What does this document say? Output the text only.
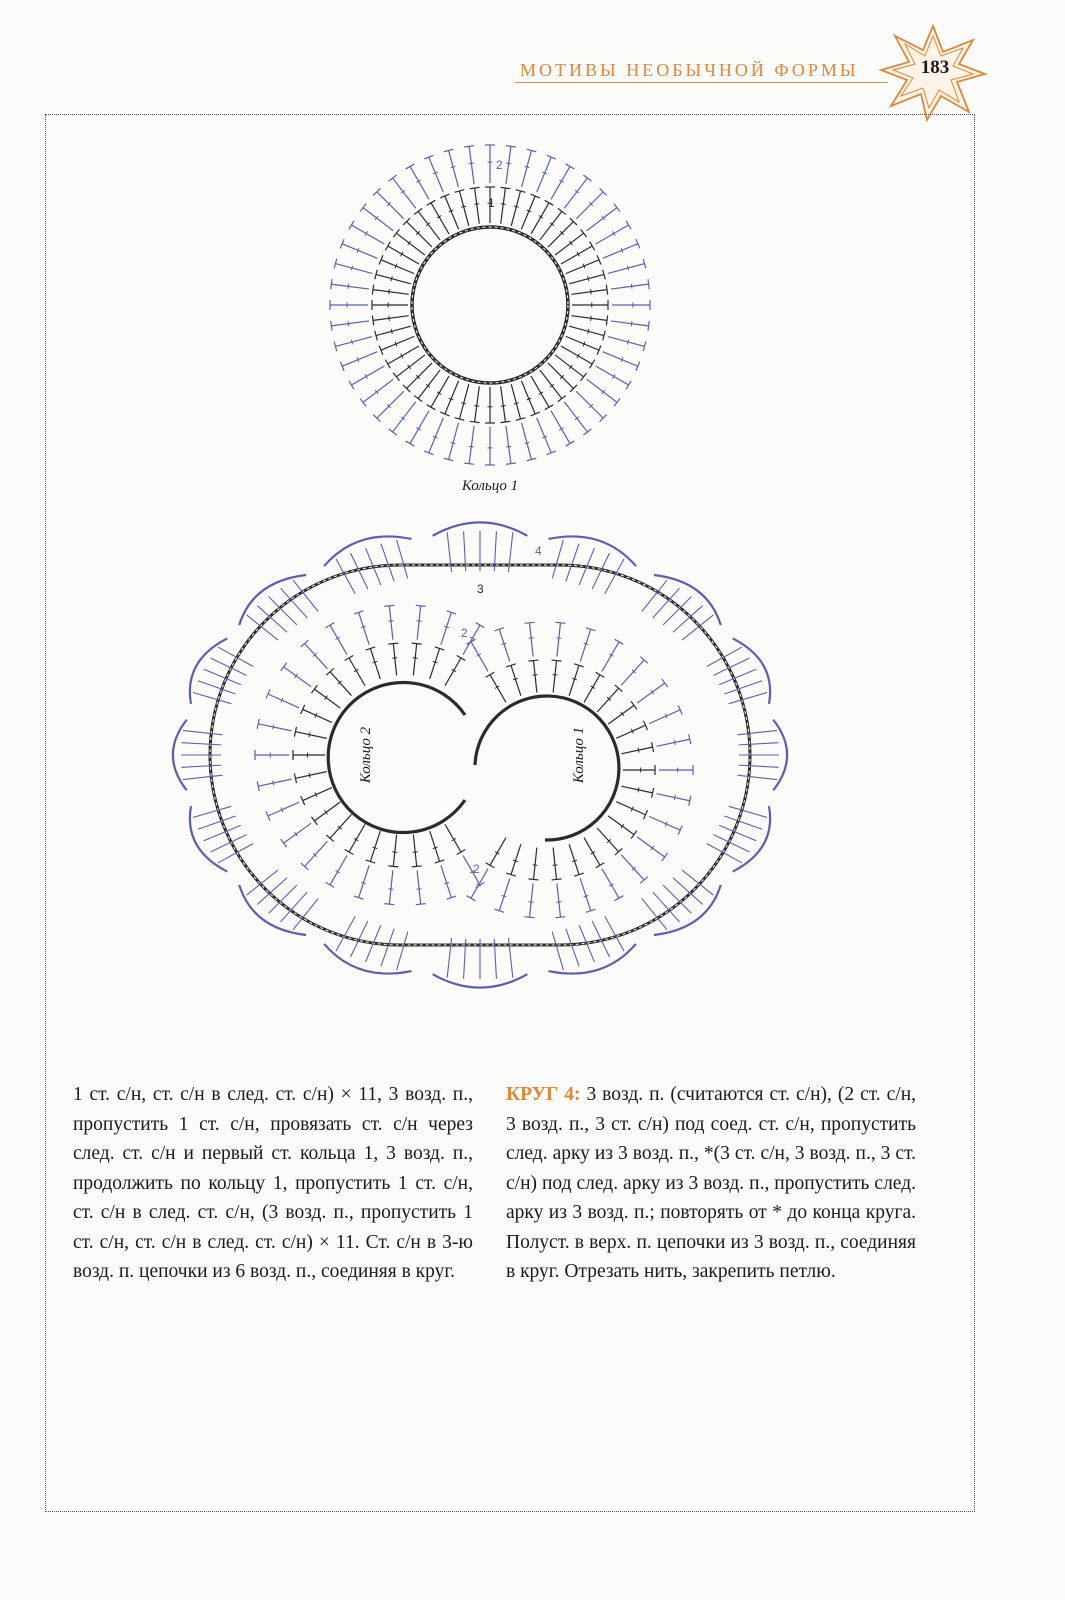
МОТИВЫ НЕОБЫЧНОЙ ФОРМЫ	183
1
2
Кольцо 1
Кольцо 2	Кольцо 1
3
2
4
2
1 ст. с/н, ст. с/н в след. ст. с/н) × 11, 3 возд. п., пропустить 1 ст. с/н, провязать ст. с/н через след. ст. с/н и первый ст. кольца 1, 3 возд. п., продолжить по кольцу 1, пропустить 1 ст. с/н, ст. с/н в след. ст. с/н, (3 возд. п., пропустить 1 ст. с/н, ст. с/н в след. ст. с/н) × 11. Ст. с/н в 3-ю возд. п. цепочки из 6 возд. п., соединяя в круг.
КРУГ 4: 3 возд. п. (считаются ст. с/н), (2 ст. с/н, 3 возд. п., 3 ст. с/н) под соед. ст. с/н, пропустить след. арку из 3 возд. п., *(3 ст. с/н, 3 возд. п., 3 ст. с/н) под след. арку из 3 возд. п., пропустить след. арку из 3 возд. п.; повторять от * до конца круга. Полуст. в верх. п. цепочки из 3 возд. п., соединяя в круг. Отрезать нить, закрепить петлю.
